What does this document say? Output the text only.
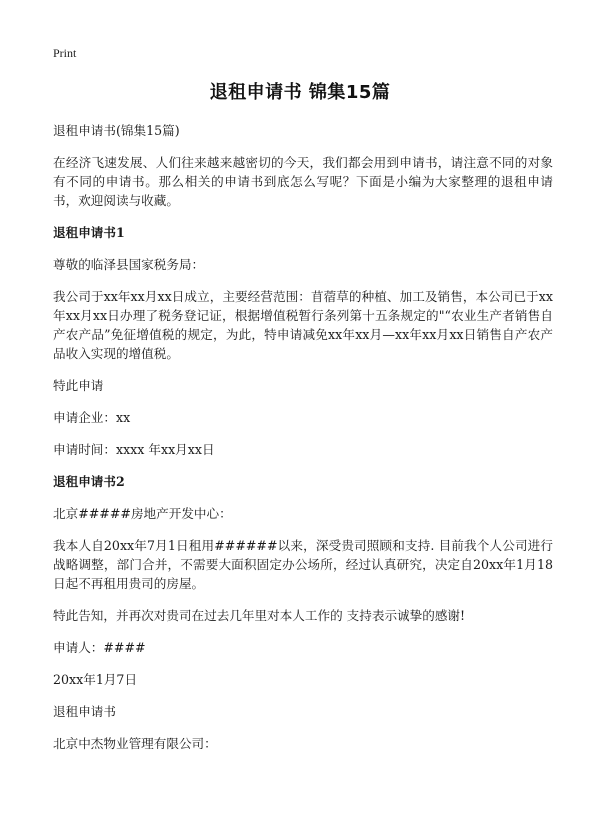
Print
退租申请书 锦集15篇

退租申请书(锦集15篇)

在经济飞速发展、人们往来越来越密切的今天，我们都会用到申请书，请注意不同的对象有不同的申请书。那么相关的申请书到底怎么写呢？下面是小编为大家整理的退租申请书，欢迎阅读与收藏。

退租申请书1

尊敬的临泽县国家税务局：

我公司于xx年xx月xx日成立，主要经营范围：苜蓿草的种植、加工及销售，本公司已于xx年xx月xx日办理了税务登记证，根据增值税暂行条列第十五条规定的"“农业生产者销售自产农产品”免征增值税的规定，为此，特申请减免xx年xx月—xx年xx月xx日销售自产农产品收入实现的增值税。

特此申请

申请企业：xx

申请时间：xxxx 年xx月xx日

退租申请书2

北京#####房地产开发中心：

我本人自20xx年7月1日租用######以来，深受贵司照顾和支持. 目前我个人公司进行战略调整，部门合并，不需要大面积固定办公场所，经过认真研究，决定自20xx年1月18日起不再租用贵司的房屋。

特此告知，并再次对贵司在过去几年里对本人工作的 支持表示诚挚的感谢!

申请人：####

20xx年1月7日

退租申请书

北京中杰物业管理有限公司：
